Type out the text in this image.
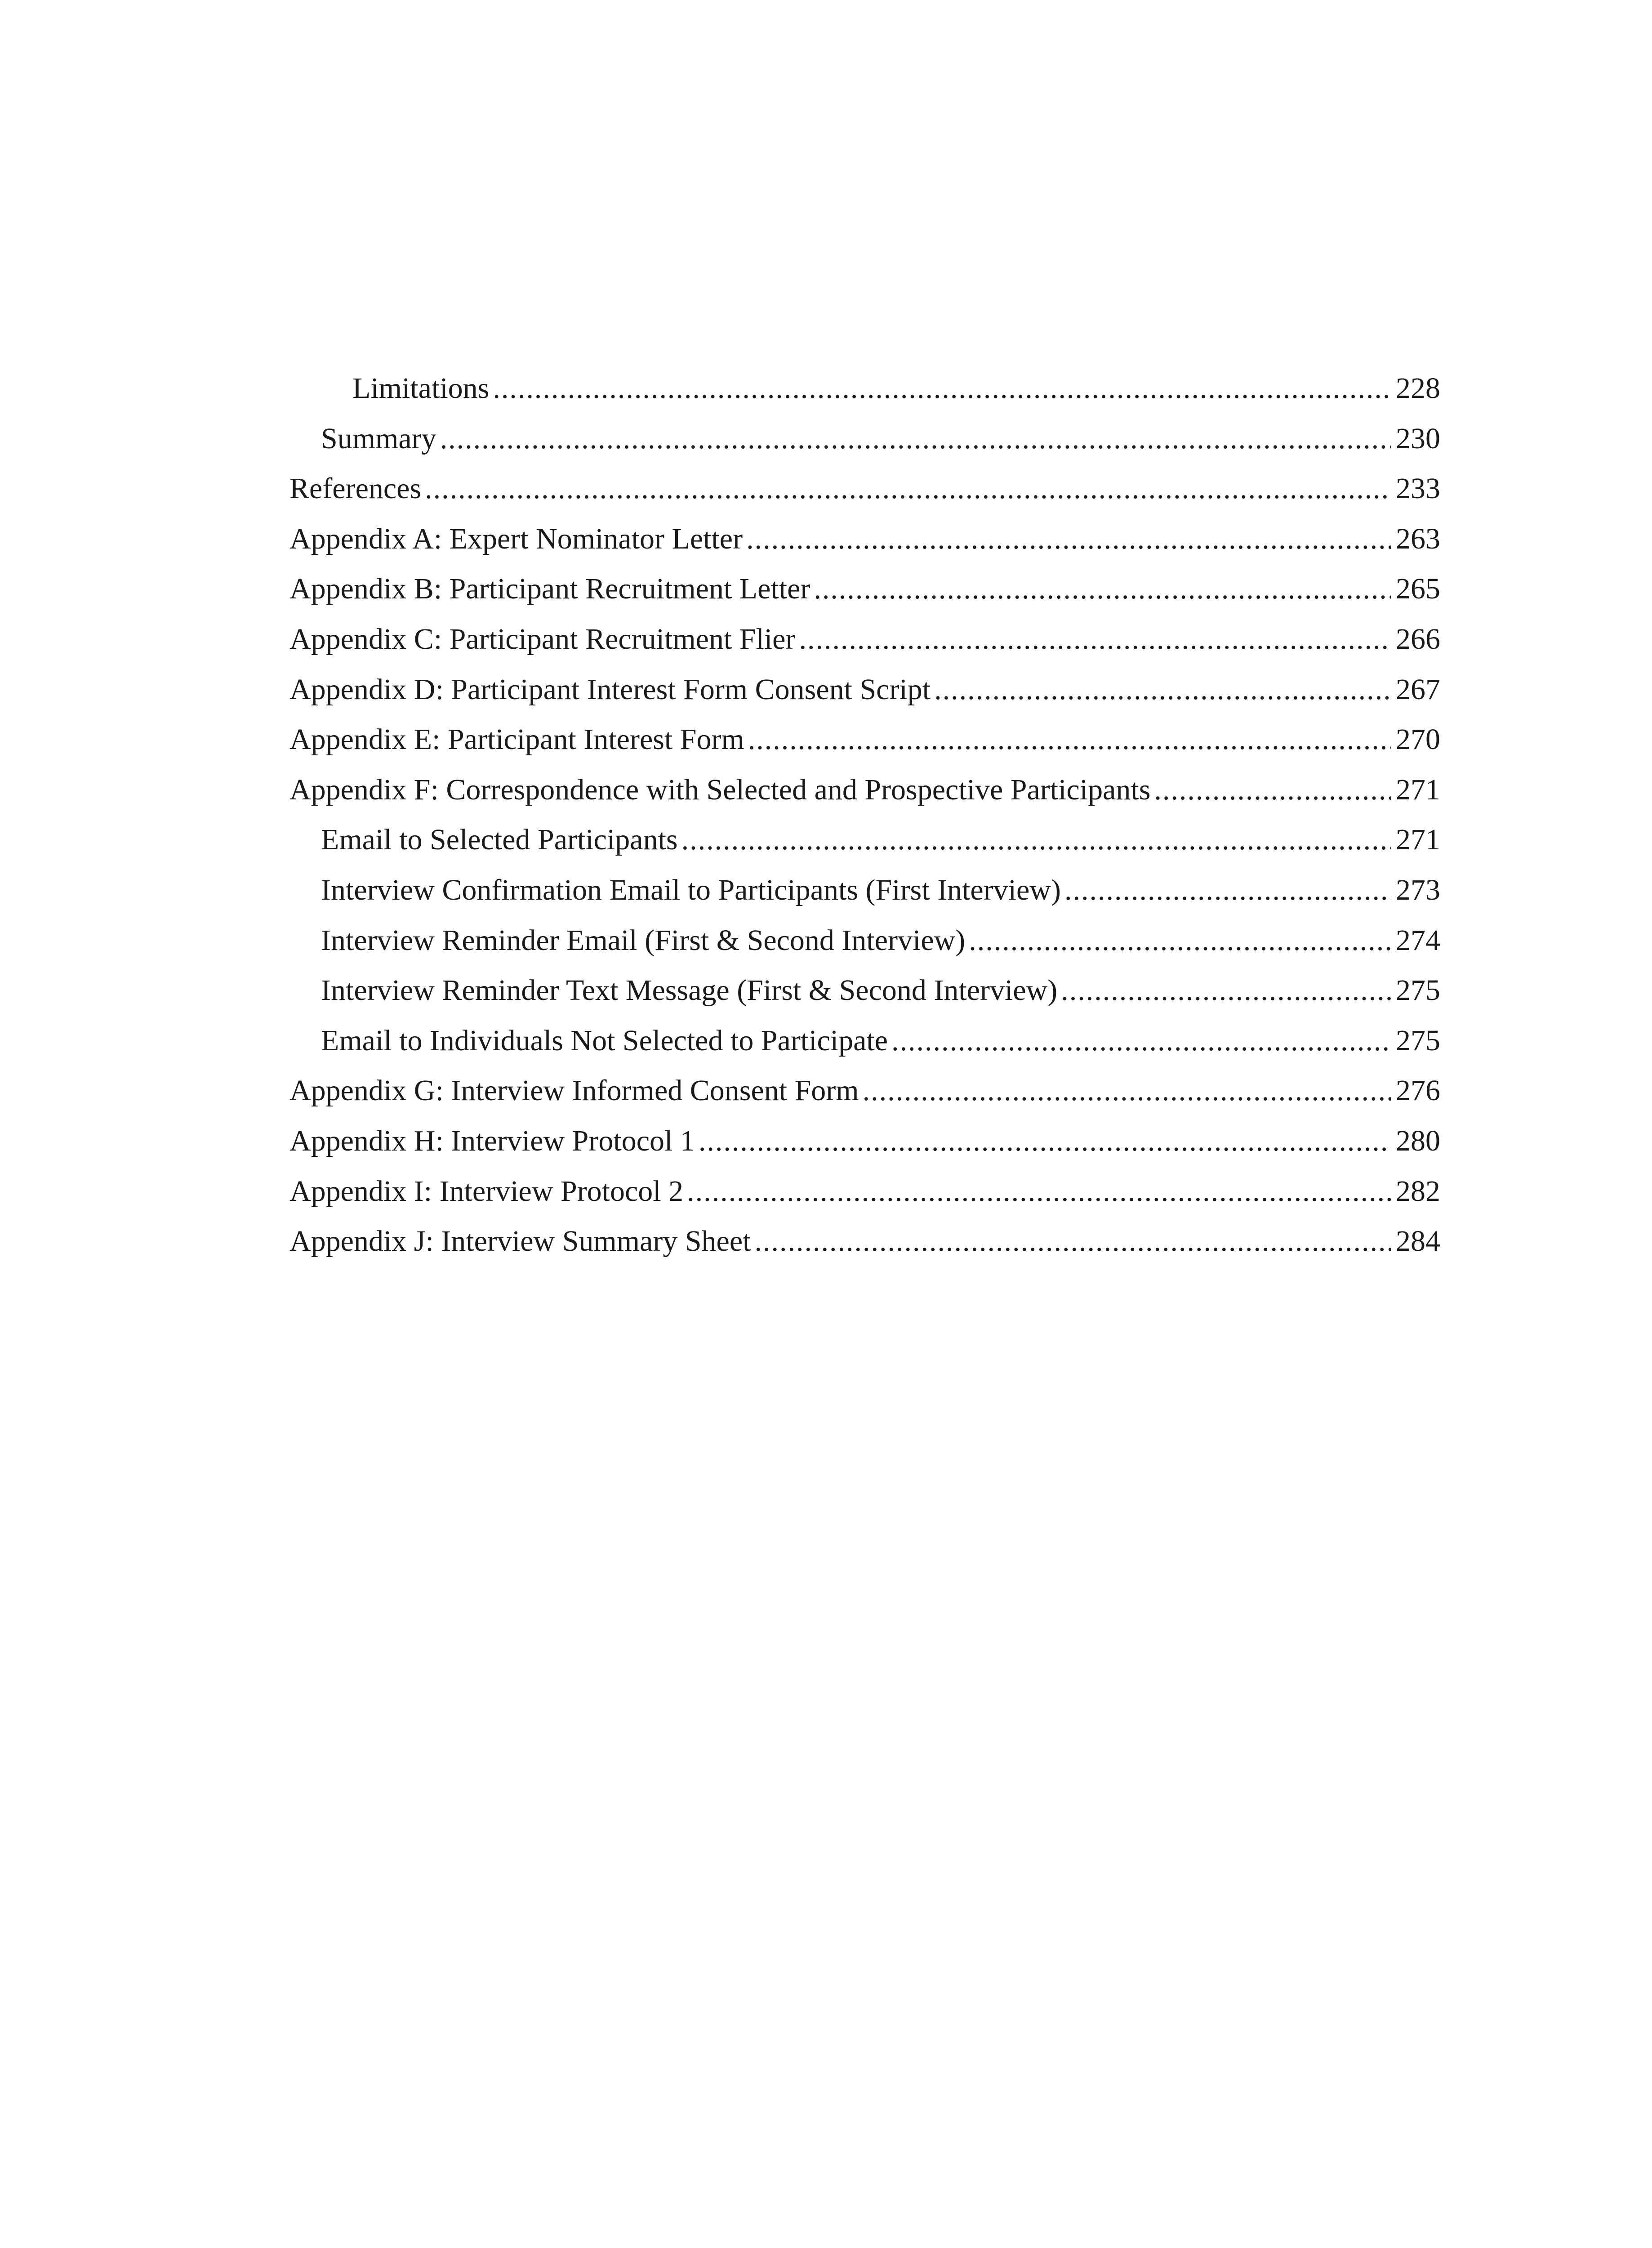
Limitations .....	228
Summary .....	230
References .....	233
Appendix A: Expert Nominator Letter .....	263
Appendix B: Participant Recruitment Letter .....	265
Appendix C: Participant Recruitment Flier .....	266
Appendix D: Participant Interest Form Consent Script .....	267
Appendix E: Participant Interest Form .....	270
Appendix F: Correspondence with Selected and Prospective Participants .....	271
Email to Selected Participants .....	271
Interview Confirmation Email to Participants (First Interview) .....	273
Interview Reminder Email (First & Second Interview) .....	274
Interview Reminder Text Message (First & Second Interview) .....	275
Email to Individuals Not Selected to Participate .....	275
Appendix G: Interview Informed Consent Form .....	276
Appendix H: Interview Protocol 1 .....	280
Appendix I: Interview Protocol 2 .....	282
Appendix J: Interview Summary Sheet .....	284
